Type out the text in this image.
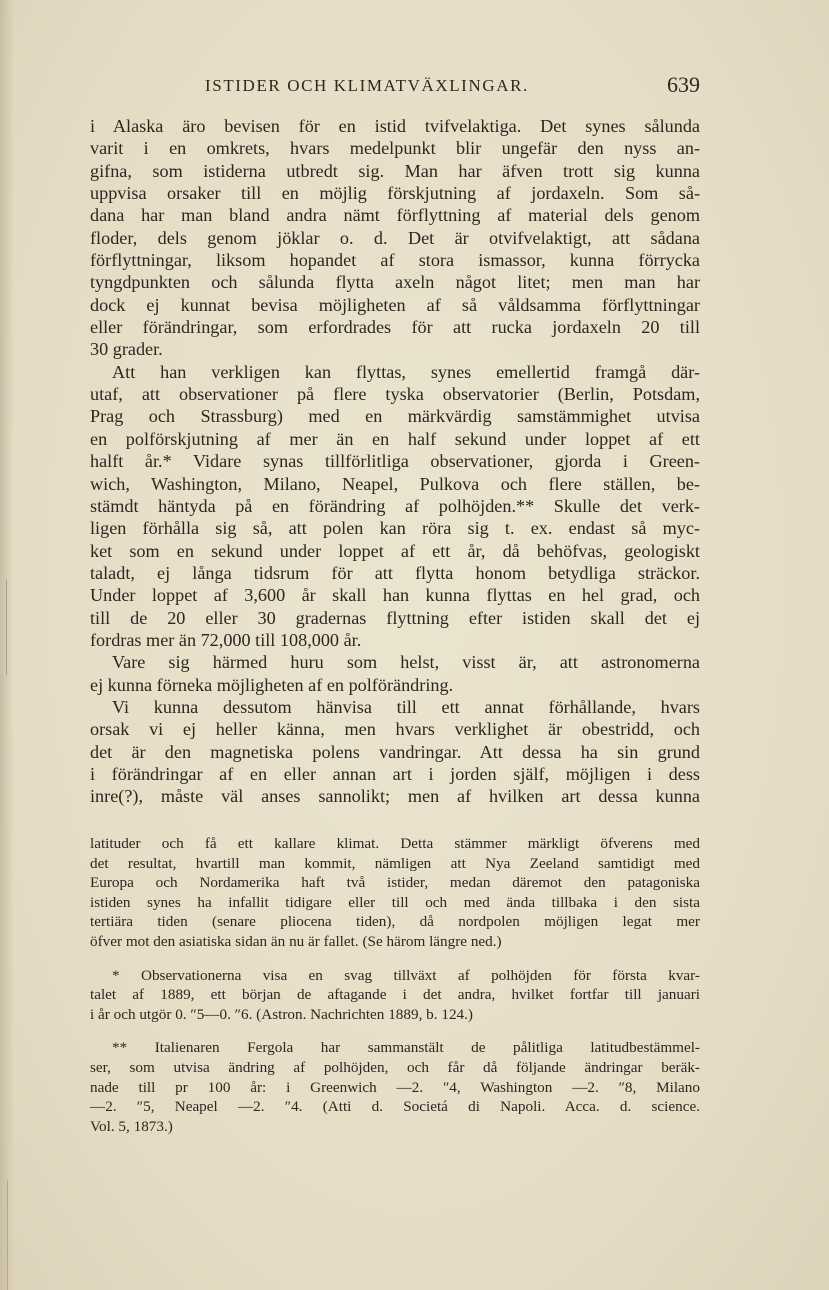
ISTIDER OCH KLIMATVÄXLINGAR.	639
i Alaska äro bevisen för en istid tvifvelaktiga. Det synes sålunda
varit i en omkrets, hvars medelpunkt blir ungefär den nyss an-
gifna, som istiderna utbredt sig. Man har äfven trott sig kunna
uppvisa orsaker till en möjlig förskjutning af jordaxeln. Som så-
dana har man bland andra nämt förflyttning af material dels genom
floder, dels genom jöklar o. d. Det är otvifvelaktigt, att sådana
förflyttningar, liksom hopandet af stora ismassor, kunna förrycka
tyngdpunkten och sålunda flytta axeln något litet; men man har
dock ej kunnat bevisa möjligheten af så våldsamma förflyttningar
eller förändringar, som erfordrades för att rucka jordaxeln 20 till
30 grader.
Att han verkligen kan flyttas, synes emellertid framgå där-
utaf, att observationer på flere tyska observatorier (Berlin, Potsdam,
Prag och Strassburg) med en märkvärdig samstämmighet utvisa
en polförskjutning af mer än en half sekund under loppet af ett
halft år.* Vidare synas tillförlitliga observationer, gjorda i Green-
wich, Washington, Milano, Neapel, Pulkova och flere ställen, be-
stämdt häntyda på en förändring af polhöjden.** Skulle det verk-
ligen förhålla sig så, att polen kan röra sig t. ex. endast så myc-
ket som en sekund under loppet af ett år, då behöfvas, geologiskt
taladt, ej långa tidsrum för att flytta honom betydliga sträckor.
Under loppet af 3,600 år skall han kunna flyttas en hel grad, och
till de 20 eller 30 gradernas flyttning efter istiden skall det ej
fordras mer än 72,000 till 108,000 år.
Vare sig härmed huru som helst, visst är, att astronomerna
ej kunna förneka möjligheten af en polförändring.
Vi kunna dessutom hänvisa till ett annat förhållande, hvars
orsak vi ej heller känna, men hvars verklighet är obestridd, och
det är den magnetiska polens vandringar. Att dessa ha sin grund
i förändringar af en eller annan art i jorden själf, möjligen i dess
inre(?), måste väl anses sannolikt; men af hvilken art dessa kunna
latituder och få ett kallare klimat. Detta stämmer märkligt öfverens med
det resultat, hvartill man kommit, nämligen att Nya Zeeland samtidigt med
Europa och Nordamerika haft två istider, medan däremot den patagoniska
istiden synes ha infallit tidigare eller till och med ända tillbaka i den sista
tertiära tiden (senare pliocena tiden), då nordpolen möjligen legat mer
öfver mot den asiatiska sidan än nu är fallet. (Se härom längre ned.)
* Observationerna visa en svag tillväxt af polhöjden för första kvar-
talet af 1889, ett början de aftagande i det andra, hvilket fortfar till januari
i år och utgör 0. ″5—0. ″6. (Astron. Nachrichten 1889, b. 124.)
** Italienaren Fergola har sammanstält de pålitliga latitudbestämmel-
ser, som utvisa ändring af polhöjden, och får då följande ändringar beräk-
nade till pr 100 år: i Greenwich —2. ″4, Washington —2. ″8, Milano
—2. ″5, Neapel —2. ″4. (Atti d. Societá di Napoli. Acca. d. science.
Vol. 5, 1873.)
